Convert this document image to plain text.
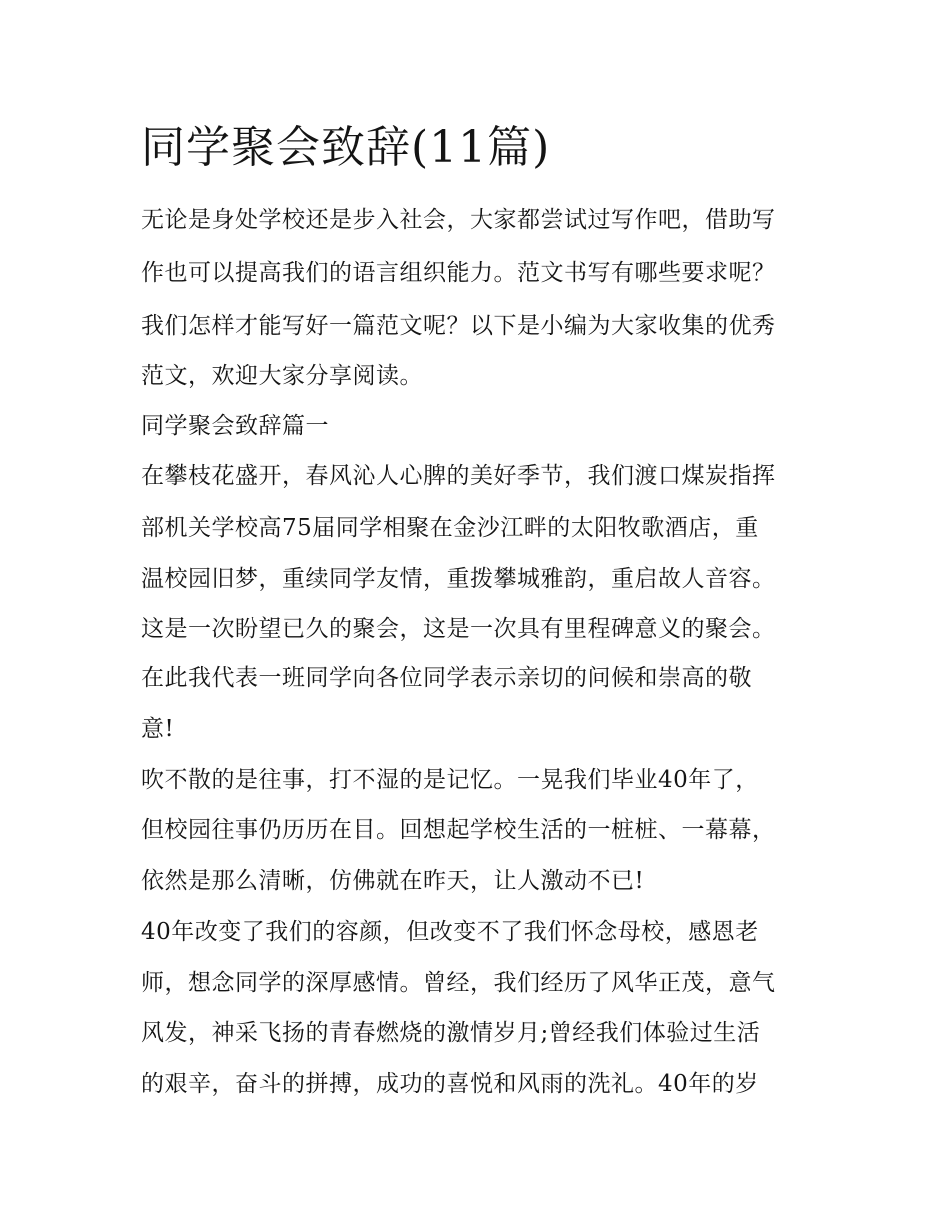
同学聚会致辞(11篇)

无论是身处学校还是步入社会，大家都尝试过写作吧，借助写

作也可以提高我们的语言组织能力。范文书写有哪些要求呢？

我们怎样才能写好一篇范文呢？以下是小编为大家收集的优秀

范文，欢迎大家分享阅读。

同学聚会致辞篇一

在攀枝花盛开，春风沁人心脾的美好季节，我们渡口煤炭指挥

部机关学校高75届同学相聚在金沙江畔的太阳牧歌酒店，重

温校园旧梦，重续同学友情，重拨攀城雅韵，重启故人音容。

这是一次盼望已久的聚会，这是一次具有里程碑意义的聚会。

在此我代表一班同学向各位同学表示亲切的问候和崇高的敬

意!

吹不散的是往事，打不湿的是记忆。一晃我们毕业40年了，

但校园往事仍历历在目。回想起学校生活的一桩桩、一幕幕，

依然是那么清晰，仿佛就在昨天，让人激动不已!

40年改变了我们的容颜，但改变不了我们怀念母校，感恩老

师，想念同学的深厚感情。曾经，我们经历了风华正茂，意气

风发，神采飞扬的青春燃烧的激情岁月;曾经我们体验过生活

的艰辛，奋斗的拼搏，成功的喜悦和风雨的洗礼。40年的岁
